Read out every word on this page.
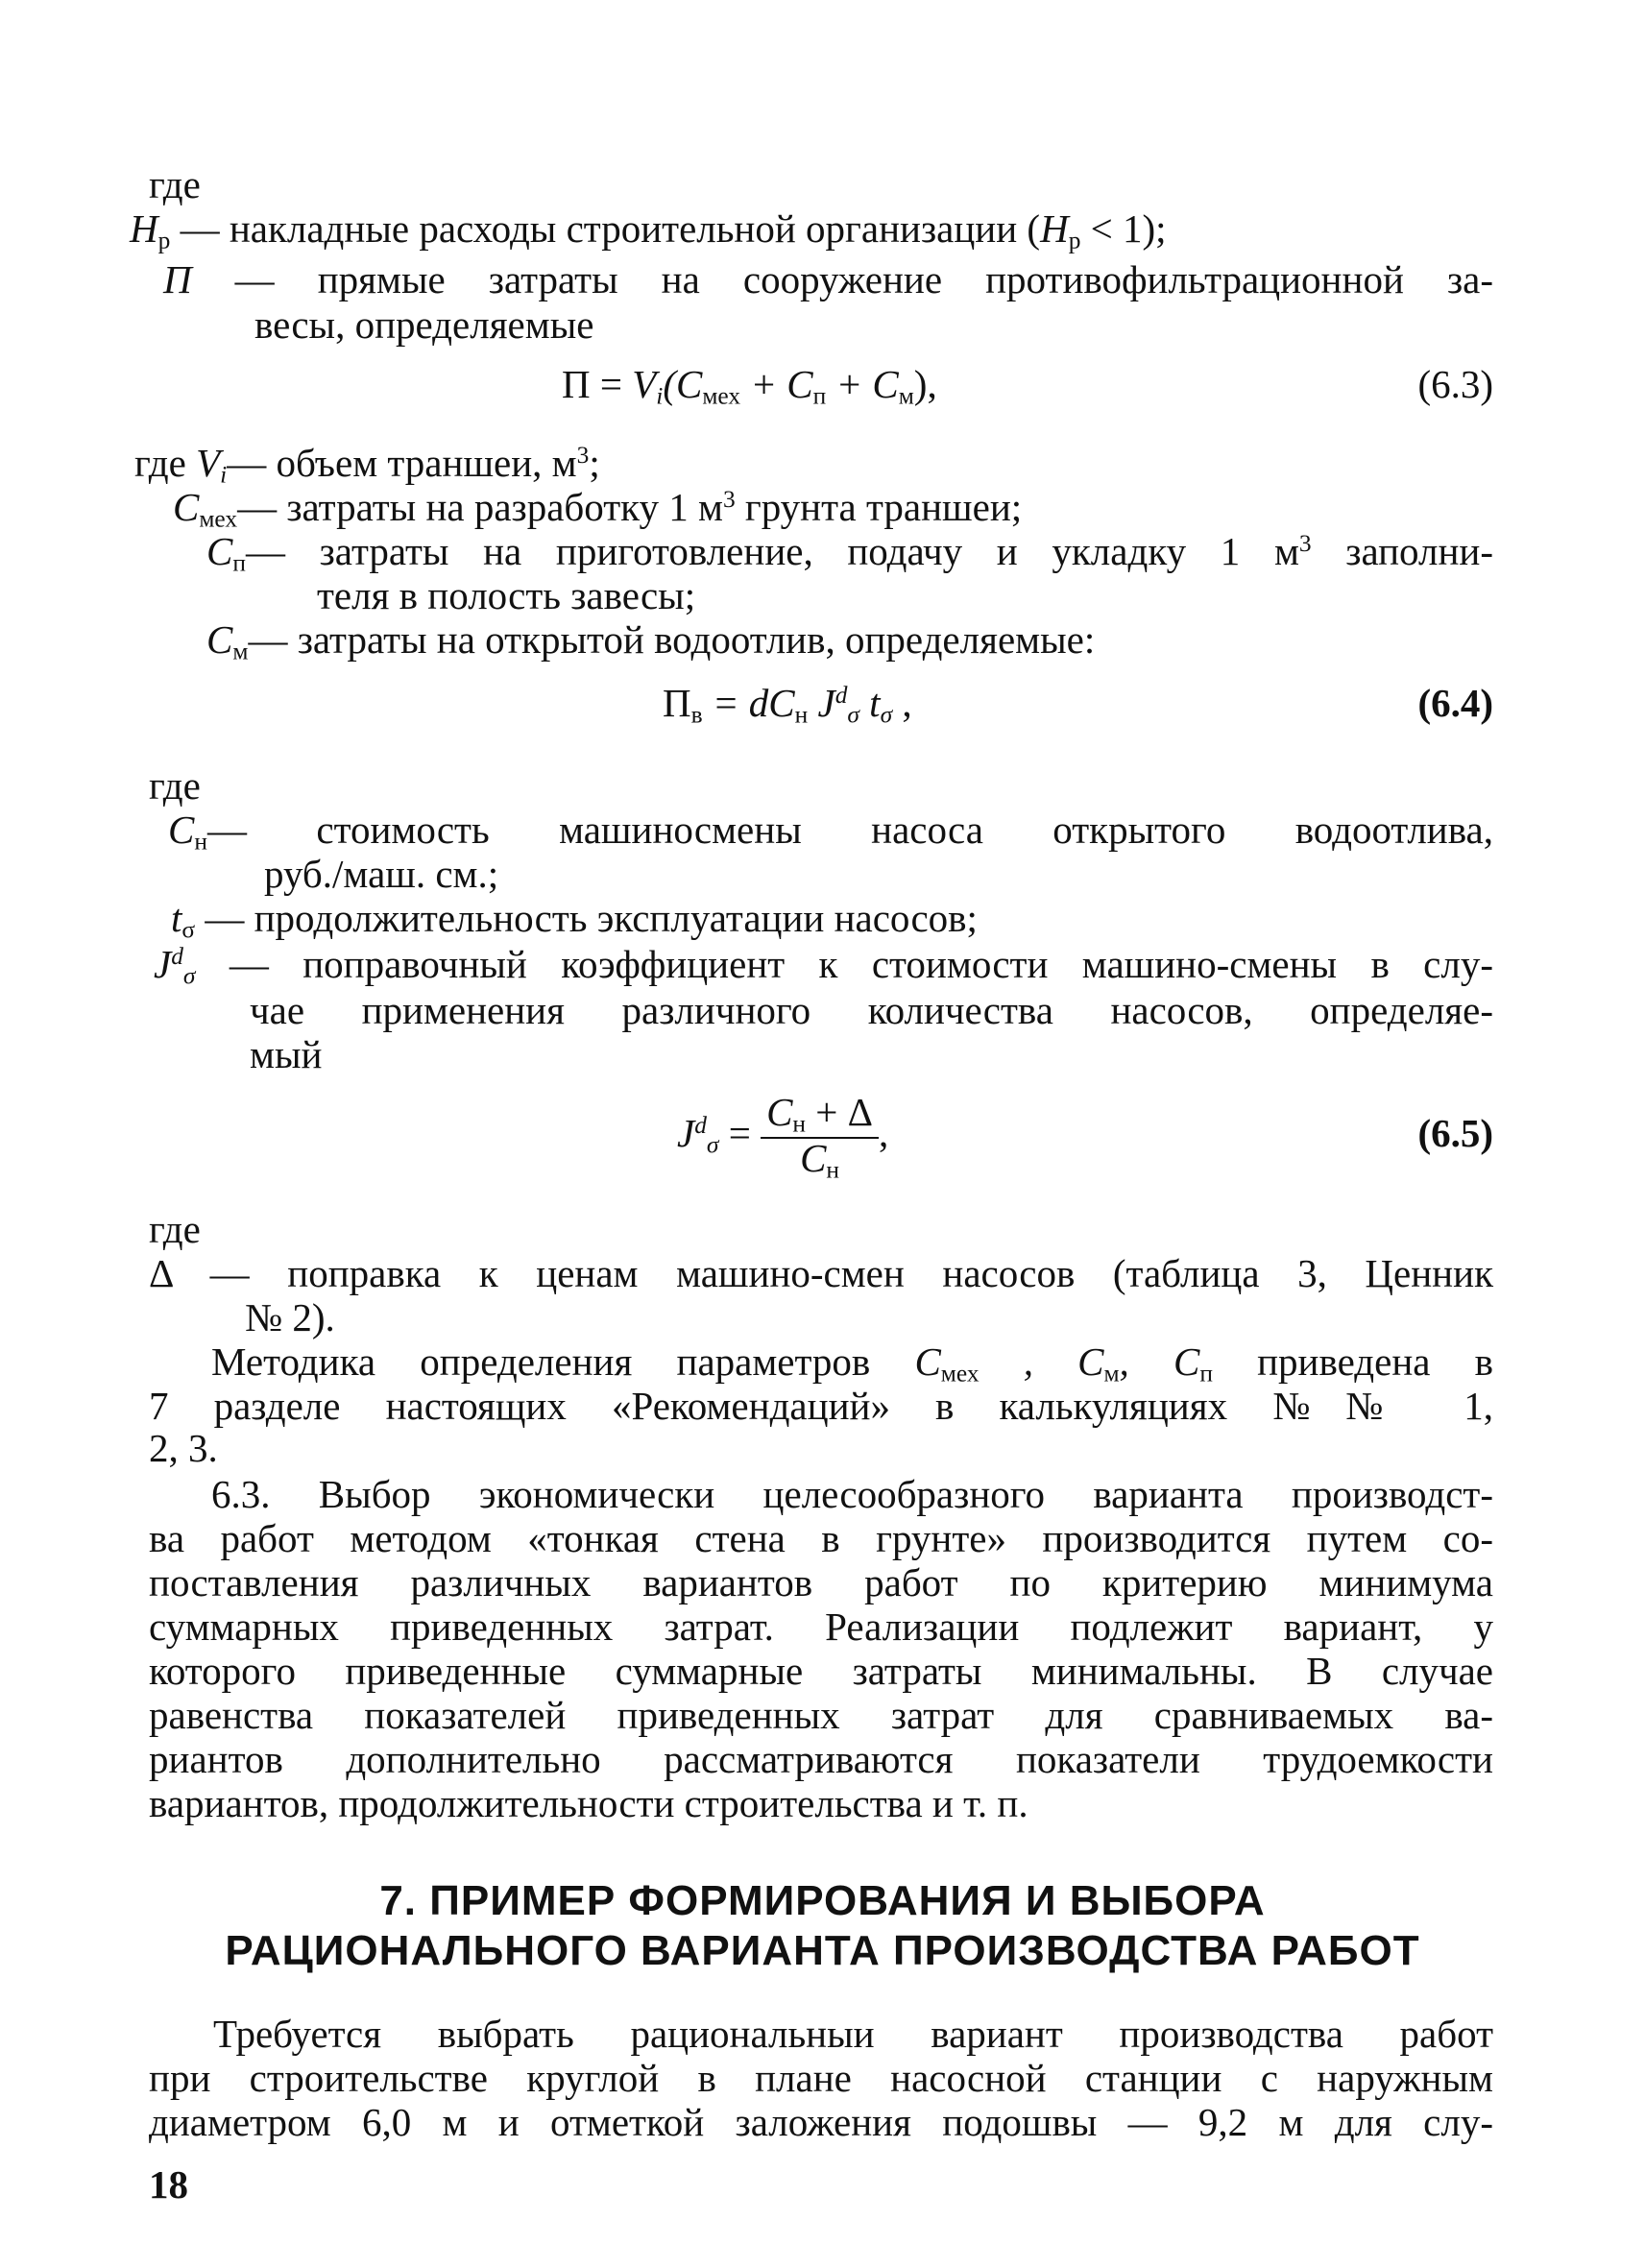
где
$Н_р$ — накладные расходы строительной организации $(Н_р < 1)$;
П — прямые затраты на сооружение противофильтрационной за-
весы, определяемые
$П = V_i(C_{мех} + C_п + C_м)$,	(6.3)
где $V_i—$ объем траншеи, $м^3$;
$C_{мех}—$ затраты на разработку 1 $м^3$ грунта траншеи;
$C_п—$ затраты на приготовление, подачу и укладку 1 $м^3$ заполни-
теля в полость завесы;
$C_м—$ затраты на открытой водоотлив, определяемые:
$П_в = dC_н$ $J^d_\sigma$ $t_\sigma$ ,	(6.4)
где
$C_н—$ стоимость машиносмены насоса открытого водоотлива,
руб./маш. см.;
$t_\sigma$ — продолжительность эксплуатации насосов;
$J^d_\sigma$ — поправочный коэффициент к стоимости машино-смены в слу-
чае применения различного количества насосов, определяе-
мый
$J^d_\sigma = \frac{C_н + \Delta}{C_н}$ ,	(6.5)
где
Δ — поправка к ценам машино-смен насосов (таблица 3, Ценник
№ 2).
Методика определения параметров $C_{мех}$ , $C_м$, $C_п$ приведена в
7 разделе настоящих «Рекомендаций» в калькуляциях №№ 1,
2, 3.
6.3. Выбор экономически целесообразного варианта производст-
ва работ методом «тонкая стена в грунте» производится путем со-
поставления различных вариантов работ по критерию минимума
суммарных приведенных затрат. Реализации подлежит вариант, у
которого приведенные суммарные затраты минимальны. В случае
равенства показателей приведенных затрат для сравниваемых ва-
риантов дополнительно рассматриваются показатели трудоемкости
вариантов, продолжительности строительства и т. п.
7. ПРИМЕР ФОРМИРОВАНИЯ И ВЫБОРА
РАЦИОНАЛЬНОГО ВАРИАНТА ПРОИЗВОДСТВА РАБОТ
Требуется выбрать рациональныи вариант производства работ
при строительстве круглой в плане насосной станции с наружным
диаметром 6,0 м и отметкой заложения подошвы — 9,2 м для слу-
18
